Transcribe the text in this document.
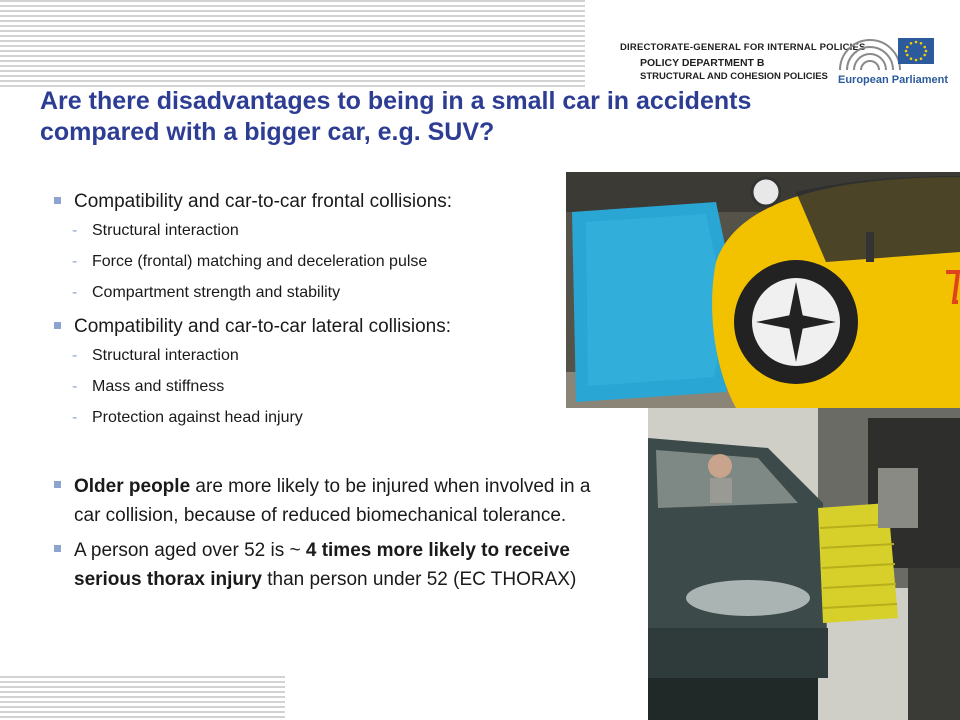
DIRECTORATE-GENERAL FOR INTERNAL POLICIES
POLICY DEPARTMENT B
STRUCTURAL AND COHESION POLICIES European Parliament
Are there disadvantages to being in a small car in accidents
compared with a bigger car, e.g. SUV?
Compatibility and car-to-car frontal collisions:
- Structural interaction
- Force (frontal) matching and deceleration pulse
- Compartment strength and stability
Compatibility and car-to-car lateral collisions:
- Structural interaction
- Mass and stiffness
- Protection against head injury
Older people are more likely to be injured when involved in a car collision, because of reduced biomechanical tolerance.
A person aged over 52 is ~ 4 times more likely to receive serious thorax injury than person under 52 (EC THORAX)
